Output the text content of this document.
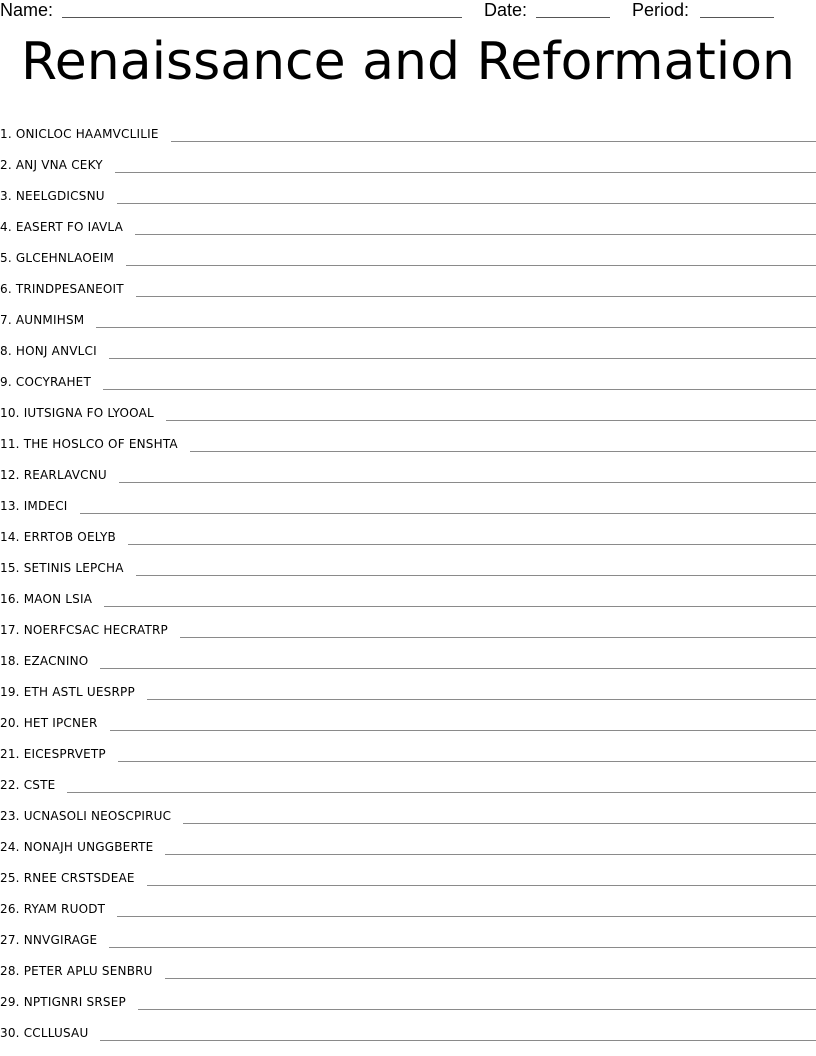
Name:	Date:	Period:
Renaissance and Reformation
1. ONICLOC HAAMVCLILIE
2. ANJ VNA CEKY
3. NEELGDICSNU
4. EASERT FO IAVLA
5. GLCEHNLAOEIM
6. TRINDPESANEOIT
7. AUNMIHSM
8. HONJ ANVLCI
9. COCYRAHET
10. IUTSIGNA FO LYOOAL
11. THE HOSLCO OF ENSHTA
12. REARLAVCNU
13. IMDECI
14. ERRTOB OELYB
15. SETINIS LEPCHA
16. MAON LSIA
17. NOERFCSAC HECRATRP
18. EZACNINO
19. ETH ASTL UESRPP
20. HET IPCNER
21. EICESPRVETP
22. CSTE
23. UCNASOLI NEOSCPIRUC
24. NONAJH UNGGBERTE
25. RNEE CRSTSDEAE
26. RYAM RUODT
27. NNVGIRAGE
28. PETER APLU SENBRU
29. NPTIGNRI SRSEP
30. CCLLUSAU
